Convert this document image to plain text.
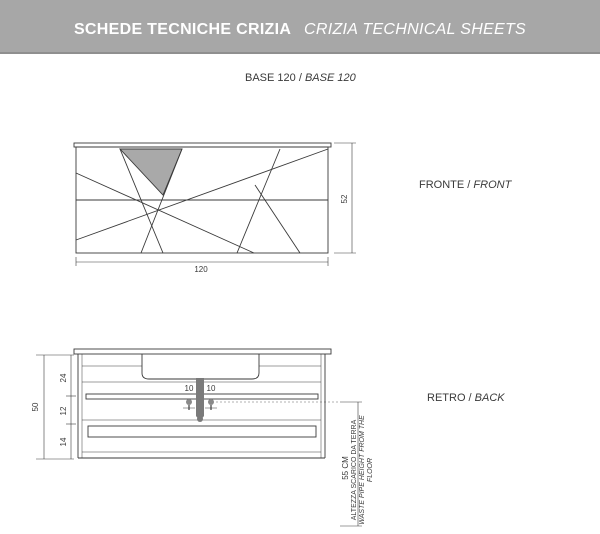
SCHEDE TECNICHE CRIZIA CRIZIA TECHNICAL SHEETS
BASE 120 / BASE 120
FRONTE / FRONT
RETRO / BACK
120
52
10 10
50
24
12
14
55 CM ALTEZZA SCARICO DA TERRA WASTE PIPE HEIGHT FROM THE FLOOR
